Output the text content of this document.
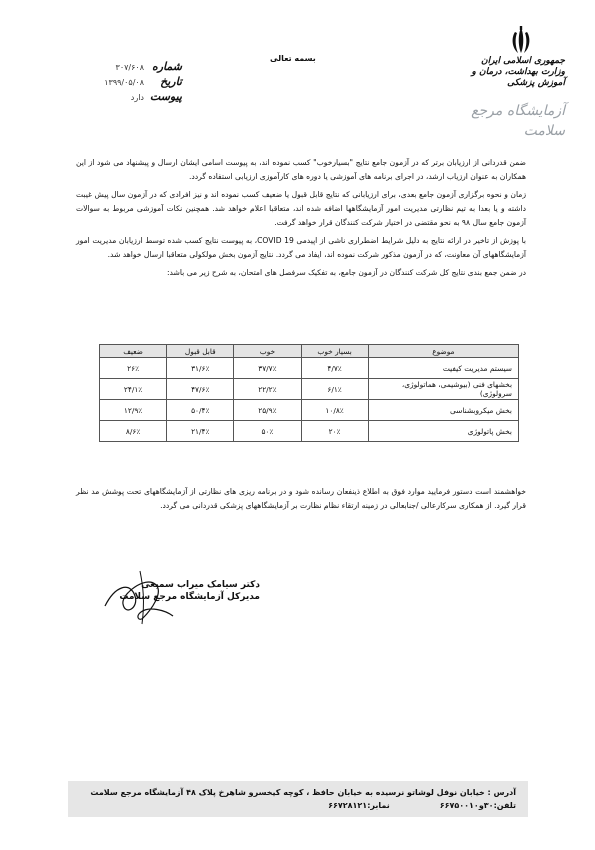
جمهوری اسلامی ایران
وزارت بهداشت، درمان و آموزش پزشکی
آزمایشگاه مرجع سلامت
بسمه تعالی
شماره
۳۰۷/۶۰۸
تاریخ
۱۳۹۹/۰۵/۰۸
پیوست
دارد

ضمن قدردانی از ارزیابان برتر که در آزمون جامع نتایج "بسیارخوب" کسب نموده اند، به پیوست اسامی ایشان ارسال و پیشنهاد می شود از این همکاران به عنوان ارزیاب ارشد، در اجرای برنامه های آموزشی یا دوره های کارآموزی ارزیابی استفاده گردد.

زمان و نحوه برگزاری آزمون جامع بعدی، برای ارزیابانی که نتایج قابل قبول یا ضعیف کسب نموده اند و نیز افرادی که در آزمون سال پیش غیبت داشته و یا بعدا به تیم نظارتی مدیریت امور آزمایشگاهها اضافه شده اند، متعاقبا اعلام خواهد شد. همچنین نکات آموزشی مربوط به سوالات آزمون جامع سال ۹۸ به نحو مقتضی در اختیار شرکت کنندگان قرار خواهد گرفت.

با پوزش از تاخیر در ارائه نتایج به دلیل شرایط اضطراری ناشی از اپیدمی COVID 19، به پیوست نتایج کسب شده توسط ارزیابان مدیریت امور آزمایشگاههای آن معاونت، که در آزمون مذکور شرکت نموده اند، ایفاد می گردد. نتایج آزمون بخش مولکولی متعاقبا ارسال خواهد شد.

در ضمن جمع بندی نتایج کل شرکت کنندگان در آزمون جامع، به تفکیک سرفصل های امتحان، به شرح زیر می باشد:

موضوع	بسیار خوب	خوب	قابل قبول	ضعیف
سیستم مدیریت کیفیت	۴/۷٪	۳۷/۷٪	۳۱/۶٪	۲۶٪
بخشهای فنی (بیوشیمی، هماتولوژی، سرولوژی)	۶/۱٪	۲۲/۲٪	۴۷/۶٪	۲۴/۱٪
بخش میکروبشناسی	۱۰/۸٪	۲۵/۹٪	۵۰/۴٪	۱۲/۹٪
بخش پاتولوژی	۲۰٪	۵۰٪	۲۱/۴٪	۸/۶٪

خواهشمند است دستور فرمایید موارد فوق به اطلاع ذینفعان رسانده شود و در برنامه ریزی های نظارتی از آزمایشگاههای تحت پوشش مد نظر قرار گیرد. از همکاری سرکارعالی /جنابعالی در زمینه ارتقاء نظام نظارت بر آزمایشگاههای پزشکی قدردانی می گردد.

دکتر سیامک میراب سمیعی
مدیرکل آزمایشگاه مرجع سلامت
آدرس : خیابان نوفل لوشاتو نرسیده به خیابان حافظ ، کوچه کیخسرو شاهرخ پلاک ۴۸ آزمایشگاه مرجع سلامت
تلفن:۳۰و۶۶۷۵۰۰۱۰
نمابر:۶۶۷۲۸۱۲۱
